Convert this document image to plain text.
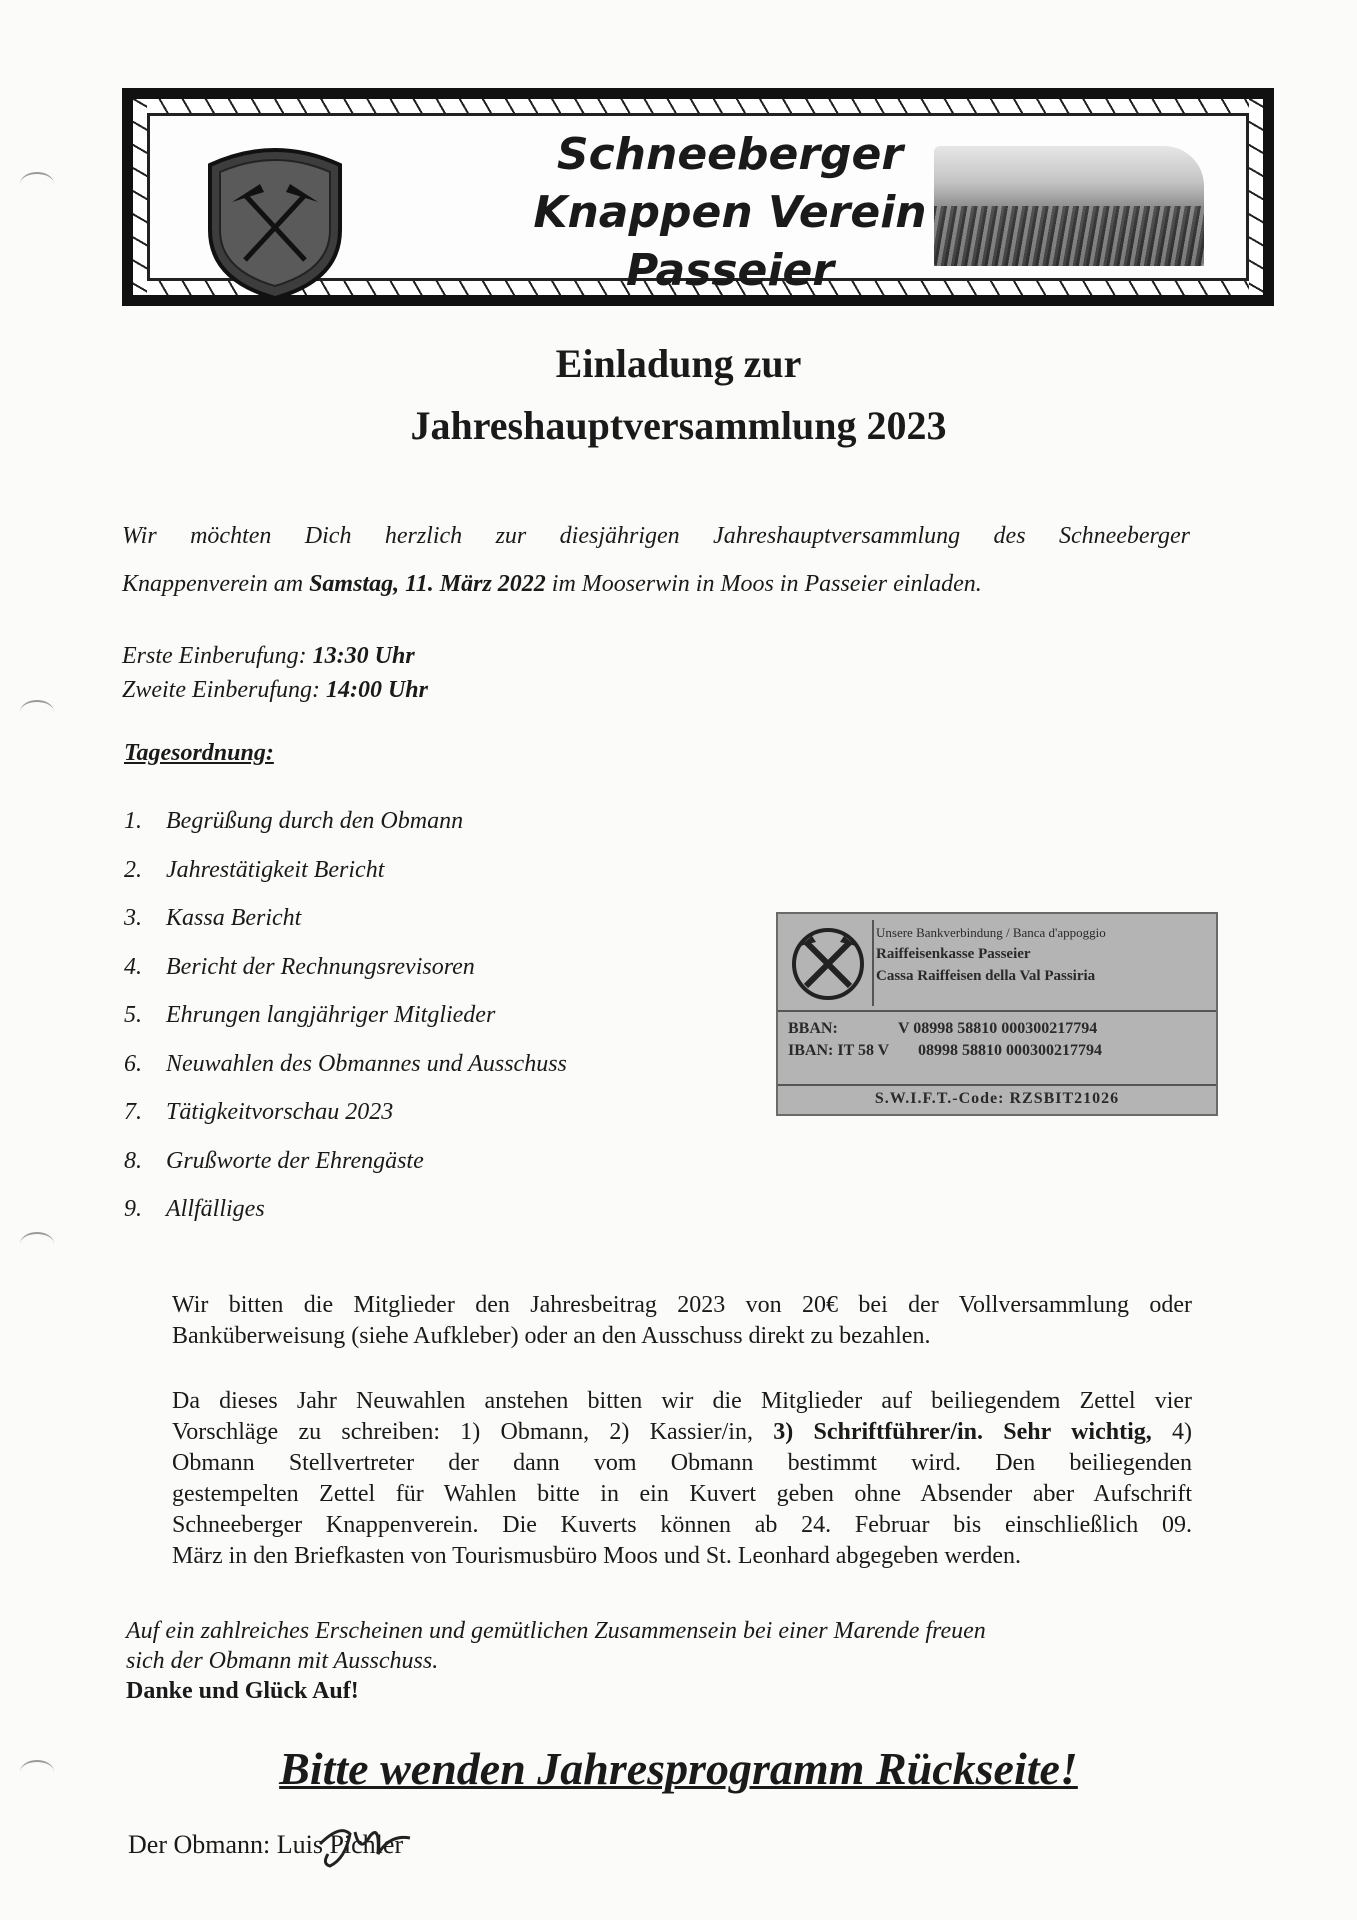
Schneeberger
Knappen Verein
Passeier
Einladung zur
Jahreshauptversammlung 2023
Wir möchten Dich herzlich zur diesjährigen Jahreshauptversammlung des Schneeberger
Knappenverein am Samstag, 11. März 2022 im Mooserwin in Moos in Passeier einladen.
Erste Einberufung: 13:30 Uhr
Zweite Einberufung: 14:00 Uhr
Tagesordnung:
1.	Begrüßung durch den Obmann
2.	Jahrestätigkeit Bericht
3.	Kassa Bericht
4.	Bericht der Rechnungsrevisoren
5.	Ehrungen langjähriger Mitglieder
6.	Neuwahlen des Obmannes und Ausschuss
7.	Tätigkeitvorschau 2023
8.	Grußworte der Ehrengäste
9.	Allfälliges
Unsere Bankverbindung / Banca d'appoggio
Raiffeisenkasse Passeier
Cassa Raiffeisen della Val Passiria
BBAN:	V 08998 58810 000300217794
IBAN: IT 58 V 08998 58810 000300217794
S.W.I.F.T.-Code: RZSBIT21026
Wir bitten die Mitglieder den Jahresbeitrag 2023 von 20€ bei der Vollversammlung oder
Banküberweisung (siehe Aufkleber) oder an den Ausschuss direkt zu bezahlen.
Da dieses Jahr Neuwahlen anstehen bitten wir die Mitglieder auf beiliegendem Zettel vier
Vorschläge zu schreiben: 1) Obmann, 2) Kassier/in, 3) Schriftführer/in. Sehr wichtig, 4)
Obmann Stellvertreter der dann vom Obmann bestimmt wird. Den beiliegenden
gestempelten Zettel für Wahlen bitte in ein Kuvert geben ohne Absender aber Aufschrift
Schneeberger Knappenverein. Die Kuverts können ab 24. Februar bis einschließlich 09.
März in den Briefkasten von Tourismusbüro Moos und St. Leonhard abgegeben werden.
Auf ein zahlreiches Erscheinen und gemütlichen Zusammensein bei einer Marende freuen
sich der Obmann mit Ausschuss.
Danke und Glück Auf!
Bitte wenden Jahresprogramm Rückseite!
Der Obmann: Luis Pichler
